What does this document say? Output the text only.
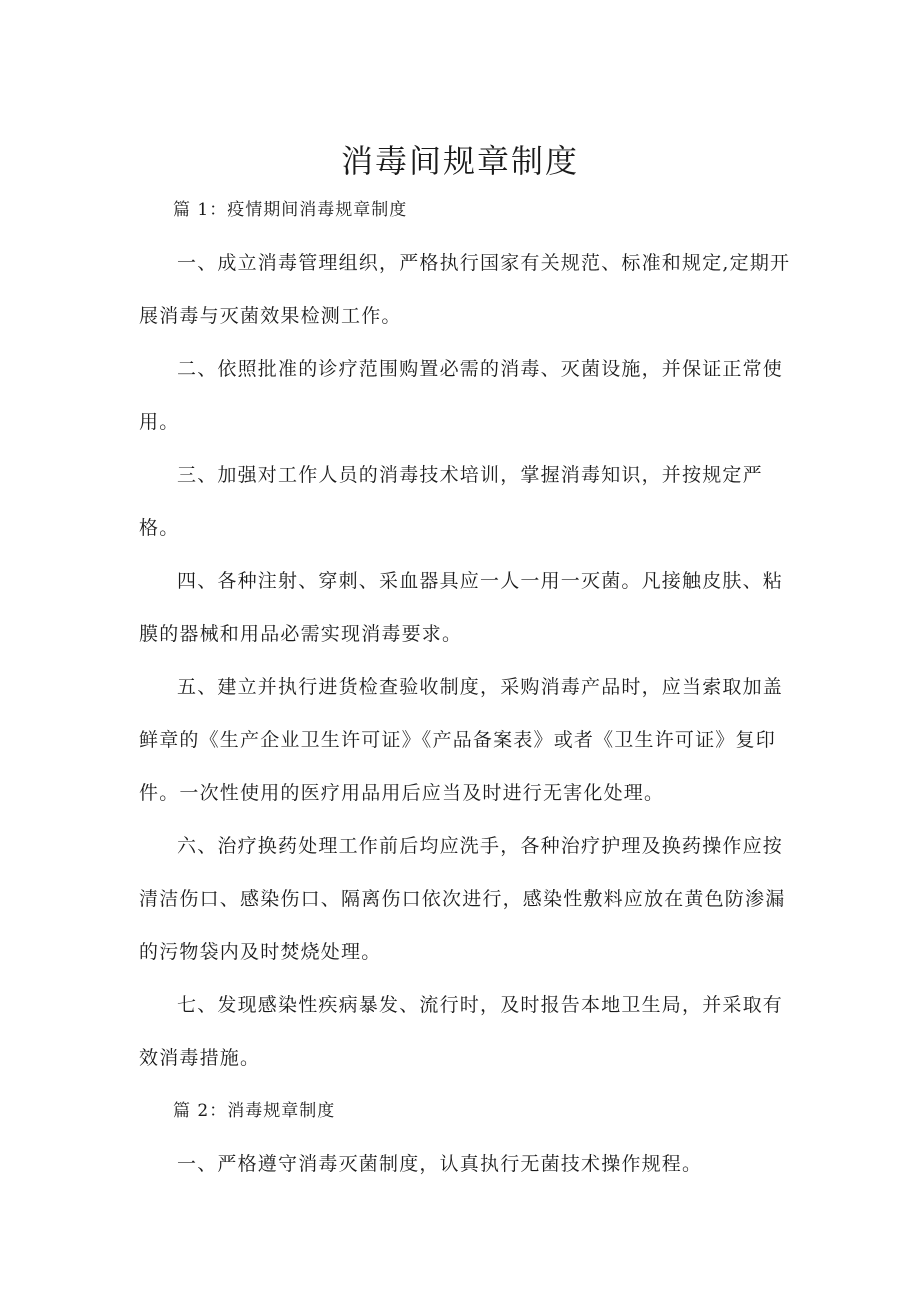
消毒间规章制度

篇 1：疫情期间消毒规章制度

一、成立消毒管理组织，严格执行国家有关规范、标准和规定,定期开展消毒与灭菌效果检测工作。

二、依照批准的诊疗范围购置必需的消毒、灭菌设施，并保证正常使用。

三、加强对工作人员的消毒技术培训，掌握消毒知识，并按规定严格。

四、各种注射、穿刺、采血器具应一人一用一灭菌。凡接触皮肤、粘膜的器械和用品必需实现消毒要求。

五、建立并执行进货检查验收制度，采购消毒产品时，应当索取加盖鲜章的《生产企业卫生许可证》《产品备案表》或者《卫生许可证》复印件。一次性使用的医疗用品用后应当及时进行无害化处理。

六、治疗换药处理工作前后均应洗手，各种治疗护理及换药操作应按清洁伤口、感染伤口、隔离伤口依次进行，感染性敷料应放在黄色防渗漏的污物袋内及时焚烧处理。

七、发现感染性疾病暴发、流行时，及时报告本地卫生局，并采取有效消毒措施。

篇 2：消毒规章制度

一、严格遵守消毒灭菌制度，认真执行无菌技术操作规程。
